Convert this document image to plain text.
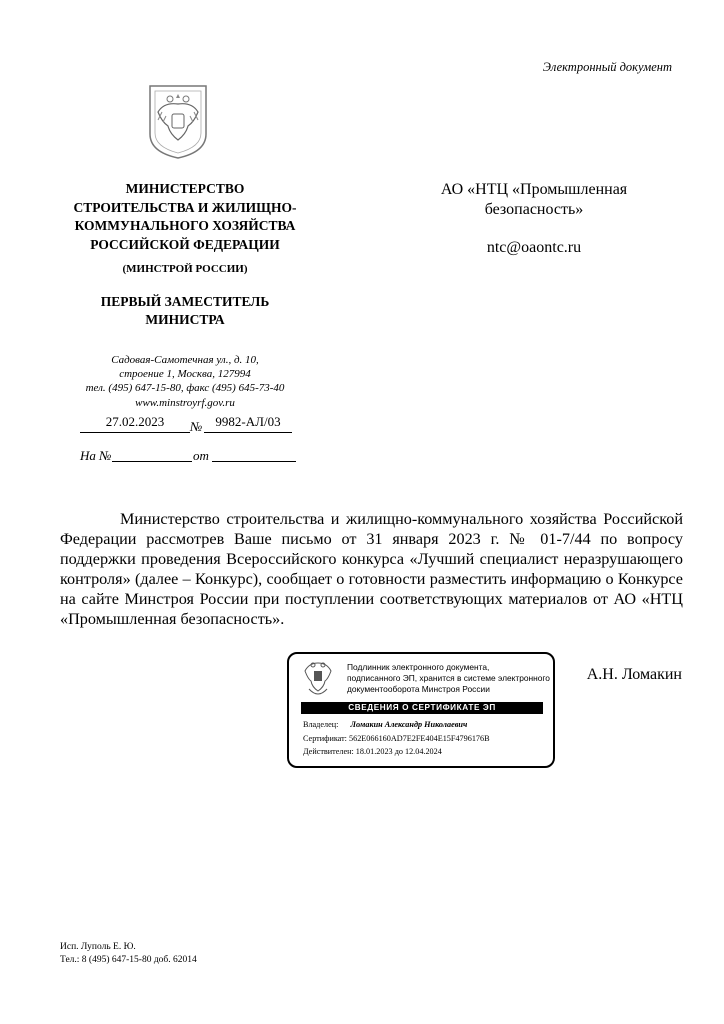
Электронный документ
МИНИСТЕРСТВО
СТРОИТЕЛЬСТВА И ЖИЛИЩНО-
КОММУНАЛЬНОГО ХОЗЯЙСТВА
РОССИЙСКОЙ ФЕДЕРАЦИИ
(МИНСТРОЙ РОССИИ)
ПЕРВЫЙ ЗАМЕСТИТЕЛЬ
МИНИСТРА
Садовая-Самотечная ул., д. 10,
строение 1, Москва, 127994
тел. (495) 647-15-80, факс (495) 645-73-40
www.minstroyrf.gov.ru
27.02.2023	№	9982-АЛ/03
На №	от
АО «НТЦ «Промышленная
безопасность»
ntc@oaontc.ru
Министерство строительства и жилищно-коммунального хозяйства Российской Федерации рассмотрев Ваше письмо от 31 января 2023 г. № 01-7/44 по вопросу поддержки проведения Всероссийского конкурса «Лучший специалист неразрушающего контроля» (далее – Конкурс), сообщает о готовности разместить информацию о Конкурсе на сайте Минстроя России при поступлении соответствующих материалов от АО «НТЦ «Промышленная безопасность».
Подлинник электронного документа,
подписанного ЭП, хранится в системе электронного
документооборота Минстроя России
СВЕДЕНИЯ О СЕРТИФИКАТЕ ЭП
Владелец: Ломакин Александр Николаевич
Сертификат: 562E066160AD7E2FE404E15F4796176B
Действителен: 18.01.2023 до 12.04.2024
А.Н. Ломакин
Исп. Луполь Е. Ю.
Тел.: 8 (495) 647-15-80 доб. 62014
